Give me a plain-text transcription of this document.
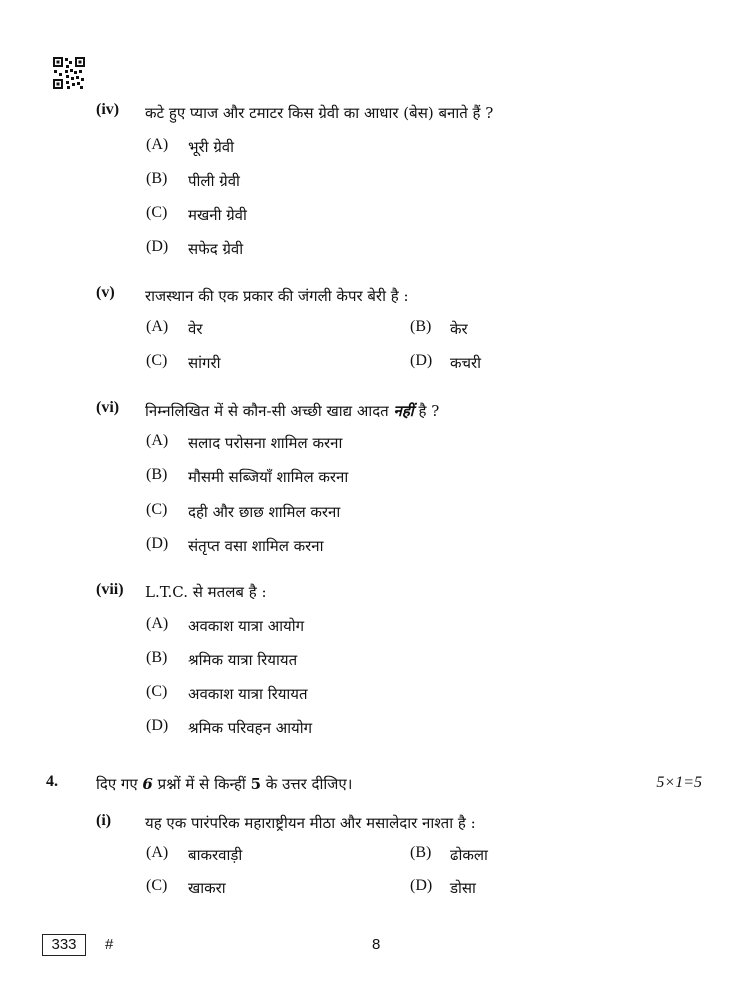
(iv) कटे हुए प्याज और टमाटर किस ग्रेवी का आधार (बेस) बनाते हैं ?
(A) भूरी ग्रेवी
(B) पीली ग्रेवी
(C) मखनी ग्रेवी
(D) सफेद ग्रेवी
(v) राजस्थान की एक प्रकार की जंगली केपर बेरी है :
(A) वेर	(B) केर
(C) सांगरी	(D) कचरी
(vi) निम्नलिखित में से कौन-सी अच्छी खाद्य आदत नहीं है ?
(A) सलाद परोसना शामिल करना
(B) मौसमी सब्जियाँ शामिल करना
(C) दही और छाछ शामिल करना
(D) संतृप्त वसा शामिल करना
(vii) L.T.C. से मतलब है :
(A) अवकाश यात्रा आयोग
(B) श्रमिक यात्रा रियायत
(C) अवकाश यात्रा रियायत
(D) श्रमिक परिवहन आयोग
4.	दिए गए 6 प्रश्नों में से किन्हीं 5 के उत्तर दीजिए।	5×1=5
(i) यह एक पारंपरिक महाराष्ट्रीयन मीठा और मसालेदार नाश्ता है :
(A) बाकरवाड़ी	(B) ढोकला
(C) खाकरा	(D) डोसा
333	#	8
